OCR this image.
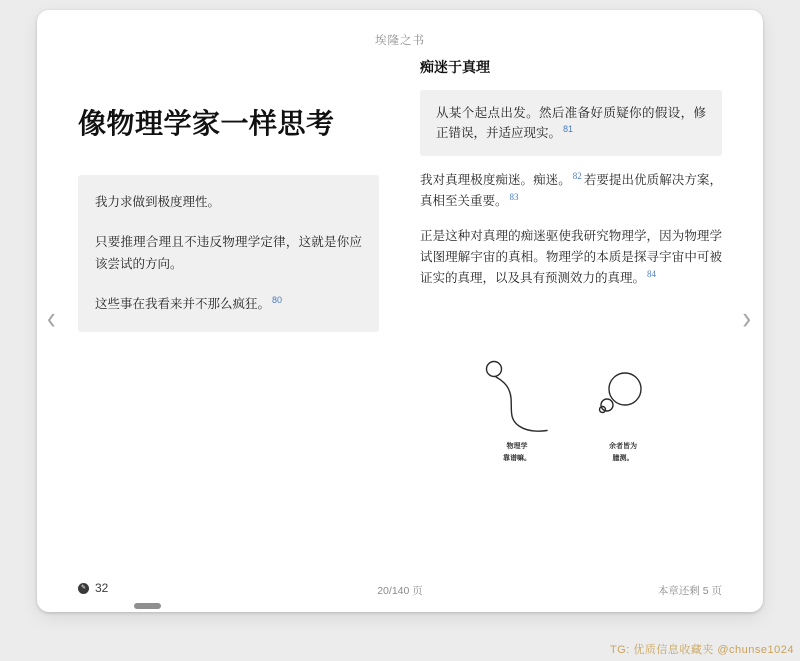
埃隆之书
像物理学家一样思考

我力求做到极度理性。

只要推理合理且不违反物理学定律，这就是你应该尝试的方向。

这些事在我看来并不那么疯狂。 $^{80}$

痴迷于真理
从某个起点出发。然后准备好质疑你的假设，修正错误，并适应现实。 $^{81}$

我对真理极度痴迷。痴迷。 $^{82}$ 若要提出优质解决方案，真相至关重要。 $^{83}$

正是这种对真理的痴迷驱使我研究物理学，因为物理学试图理解宇宙的真相。物理学的本质是探寻宇宙中可被证实的真理，以及具有预测效力的真理。 $^{84}$

物理学
靠谱嘛。
余者皆为
臆测。
‹	›
✎ 32	20/140 页	本章还剩 5 页
TG: 优质信息收藏夹 @chunse1024
